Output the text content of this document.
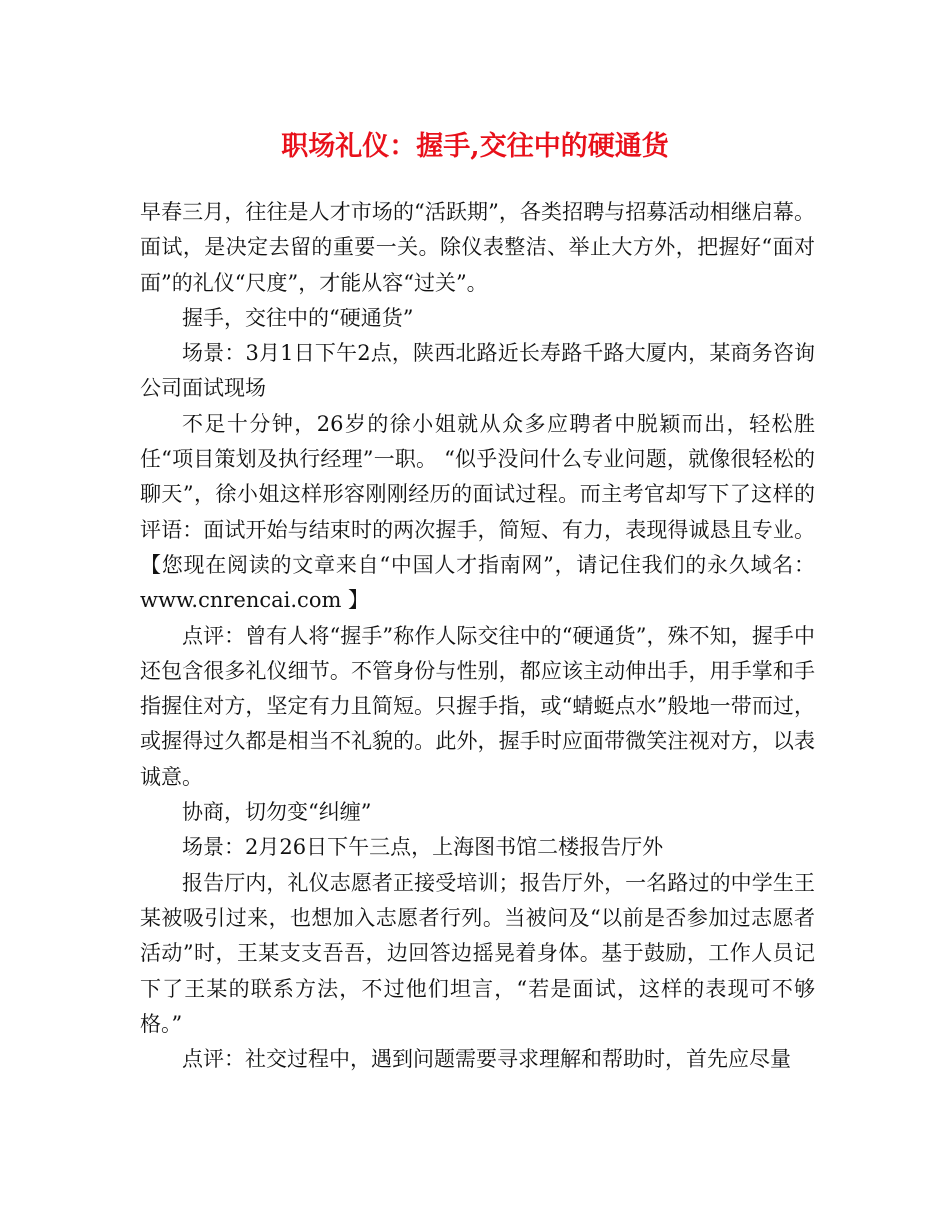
职场礼仪：握手,交往中的硬通货

早春三月，往往是人才市场的“活跃期”，各类招聘与招募活动相继启幕。面试，是决定去留的重要一关。除仪表整洁、举止大方外，把握好“面对面”的礼仪“尺度”，才能从容“过关”。

握手，交往中的“硬通货”

场景：3月1日下午2点，陕西北路近长寿路千路大厦内，某商务咨询公司面试现场

不足十分钟，26岁的徐小姐就从众多应聘者中脱颖而出，轻松胜任“项目策划及执行经理”一职。 “似乎没问什么专业问题，就像很轻松的聊天”，徐小姐这样形容刚刚经历的面试过程。而主考官却写下了这样的评语：面试开始与结束时的两次握手，简短、有力，表现得诚恳且专业。【您现在阅读的文章来自“中国人才指南网”，请记住我们的永久域名：www.cnrencai.com 】

点评：曾有人将“握手”称作人际交往中的“硬通货”，殊不知，握手中还包含很多礼仪细节。不管身份与性别，都应该主动伸出手，用手掌和手指握住对方，坚定有力且简短。只握手指，或“蜻蜓点水”般地一带而过，或握得过久都是相当不礼貌的。此外，握手时应面带微笑注视对方，以表诚意。

协商，切勿变“纠缠”

场景：2月26日下午三点，上海图书馆二楼报告厅外

报告厅内，礼仪志愿者正接受培训；报告厅外，一名路过的中学生王某被吸引过来，也想加入志愿者行列。当被问及“以前是否参加过志愿者活动”时，王某支支吾吾，边回答边摇晃着身体。基于鼓励，工作人员记下了王某的联系方法，不过他们坦言，“若是面试，这样的表现可不够格。”

点评：社交过程中，遇到问题需要寻求理解和帮助时，首先应尽量
